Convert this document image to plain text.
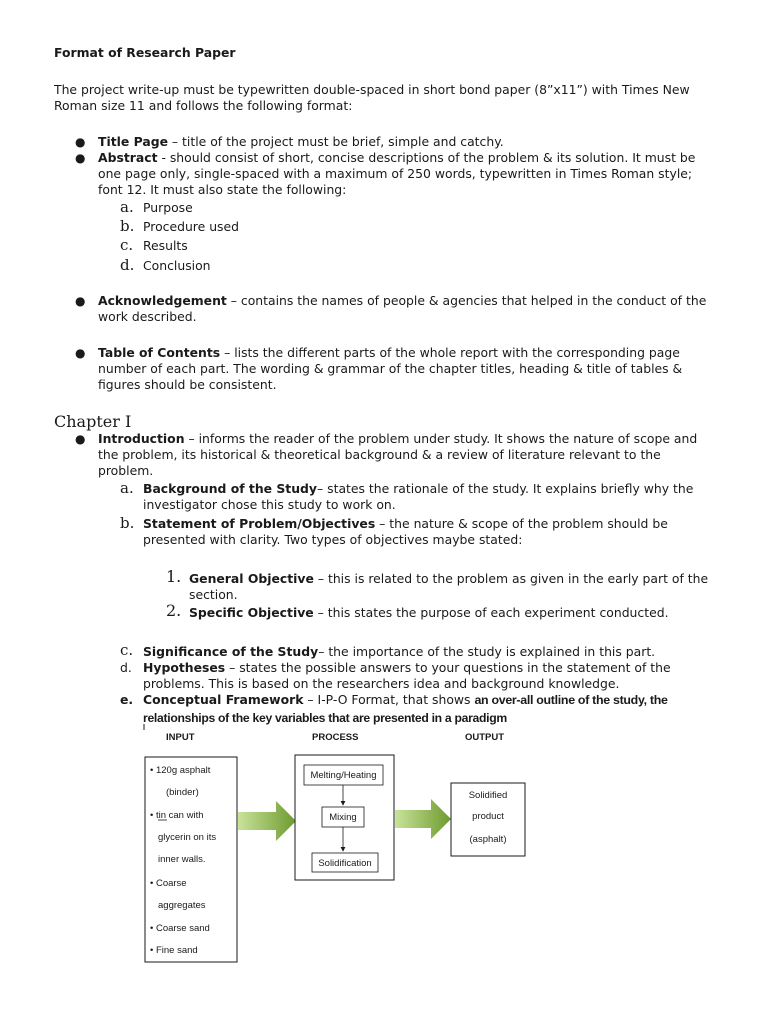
Format of Research Paper
The project write-up must be typewritten double-spaced in short bond paper (8”x11”) with Times New
Roman size 11 and follows the following format:
● Title Page – title of the project must be brief, simple and catchy.
● Abstract - should consist of short, concise descriptions of the problem & its solution. It must be
one page only, single-spaced with a maximum of 250 words, typewritten in Times Roman style;
font 12. It must also state the following:
a. Purpose
b. Procedure used
c. Results
d. Conclusion
● Acknowledgement – contains the names of people & agencies that helped in the conduct of the
work described.
● Table of Contents – lists the different parts of the whole report with the corresponding page
number of each part. The wording & grammar of the chapter titles, heading & title of tables &
figures should be consistent.
Chapter I
● Introduction – informs the reader of the problem under study. It shows the nature of scope and
the problem, its historical & theoretical background & a review of literature relevant to the
problem.
a. Background of the Study– states the rationale of the study. It explains briefly why the
investigator chose this study to work on.
b. Statement of Problem/Objectives – the nature & scope of the problem should be
presented with clarity. Two types of objectives maybe stated:
1. General Objective – this is related to the problem as given in the early part of the
section.
2. Specific Objective – this states the purpose of each experiment conducted.
c. Significance of the Study– the importance of the study is explained in this part.
d. Hypotheses – states the possible answers to your questions in the statement of the
problems. This is based on the researchers idea and background knowledge.
e. Conceptual Framework – I-P-O Format, that shows an over-all outline of the study, the
relationships of the key variables that are presented in a paradigm
INPUT	PROCESS	OUTPUT
• 120g asphalt
(binder)
• tin can with
glycerin on its
inner walls.
• Coarse
aggregates
• Coarse sand
• Fine sand
Melting/Heating
Mixing
Solidification
Solidified
product
(asphalt)
